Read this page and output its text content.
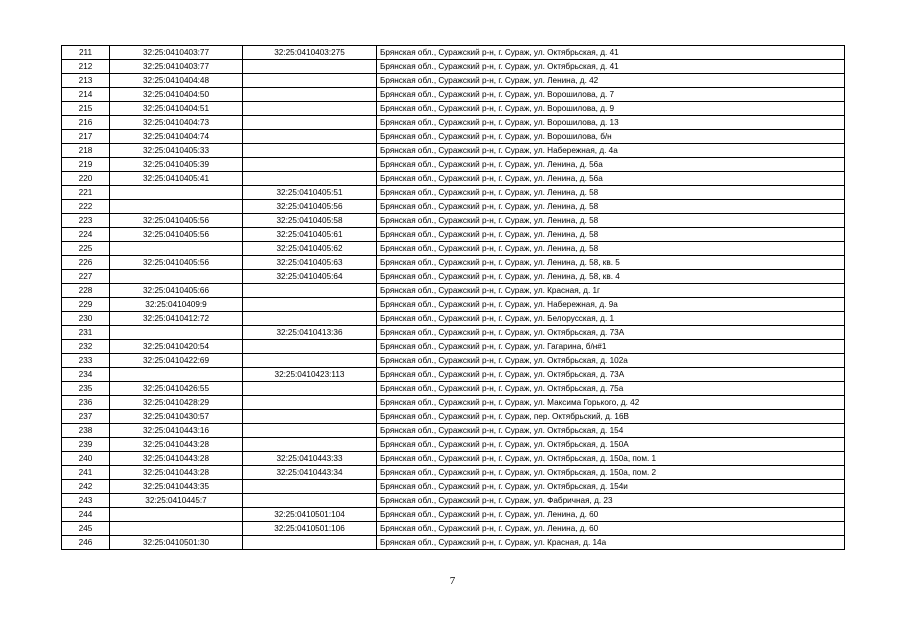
211	32:25:0410403:77	32:25:0410403:275	Брянская обл., Суражский р-н, г. Сураж, ул. Октябрьская, д. 41
212	32:25:0410403:77		Брянская обл., Суражский р-н, г. Сураж, ул. Октябрьская, д. 41
213	32:25:0410404:48		Брянская обл., Суражский р-н, г. Сураж, ул. Ленина, д. 42
214	32:25:0410404:50		Брянская обл., Суражский р-н, г. Сураж, ул. Ворошилова, д. 7
215	32:25:0410404:51		Брянская обл., Суражский р-н, г. Сураж, ул. Ворошилова, д. 9
216	32:25:0410404:73		Брянская обл., Суражский р-н, г. Сураж, ул. Ворошилова, д. 13
217	32:25:0410404:74		Брянская обл., Суражский р-н, г. Сураж, ул. Ворошилова, б/н
218	32:25:0410405:33		Брянская обл., Суражский р-н, г. Сураж, ул. Набережная, д. 4а
219	32:25:0410405:39		Брянская обл., Суражский р-н, г. Сураж, ул. Ленина, д. 56а
220	32:25:0410405:41		Брянская обл., Суражский р-н, г. Сураж, ул. Ленина, д. 56а
221		32:25:0410405:51	Брянская обл., Суражский р-н, г. Сураж, ул. Ленина, д. 58
222		32:25:0410405:56	Брянская обл., Суражский р-н, г. Сураж, ул. Ленина, д. 58
223	32:25:0410405:56	32:25:0410405:58	Брянская обл., Суражский р-н, г. Сураж, ул. Ленина, д. 58
224	32:25:0410405:56	32:25:0410405:61	Брянская обл., Суражский р-н, г. Сураж, ул. Ленина, д. 58
225		32:25:0410405:62	Брянская обл., Суражский р-н, г. Сураж, ул. Ленина, д. 58
226	32:25:0410405:56	32:25:0410405:63	Брянская обл., Суражский р-н, г. Сураж, ул. Ленина, д. 58, кв. 5
227		32:25:0410405:64	Брянская обл., Суражский р-н, г. Сураж, ул. Ленина, д. 58, кв. 4
228	32:25:0410405:66		Брянская обл., Суражский р-н, г. Сураж, ул. Красная, д. 1г
229	32:25:0410409:9		Брянская обл., Суражский р-н, г. Сураж, ул. Набережная, д. 9а
230	32:25:0410412:72		Брянская обл., Суражский р-н, г. Сураж, ул. Белорусская, д. 1
231		32:25:0410413:36	Брянская обл., Суражский р-н, г. Сураж, ул. Октябрьская, д. 73А
232	32:25:0410420:54		Брянская обл., Суражский р-н, г. Сураж, ул. Гагарина, б/н#1
233	32:25:0410422:69		Брянская обл., Суражский р-н, г. Сураж, ул. Октябрьская, д. 102а
234		32:25:0410423:113	Брянская обл., Суражский р-н, г. Сураж, ул. Октябрьская, д. 73А
235	32:25:0410426:55		Брянская обл., Суражский р-н, г. Сураж, ул. Октябрьская, д. 75а
236	32:25:0410428:29		Брянская обл., Суражский р-н, г. Сураж, ул. Максима Горького, д. 42
237	32:25:0410430:57		Брянская обл., Суражский р-н, г. Сураж, пер. Октябрьский, д. 16В
238	32:25:0410443:16		Брянская обл., Суражский р-н, г. Сураж, ул. Октябрьская, д. 154
239	32:25:0410443:28		Брянская обл., Суражский р-н, г. Сураж, ул. Октябрьская, д. 150А
240	32:25:0410443:28	32:25:0410443:33	Брянская обл., Суражский р-н, г. Сураж, ул. Октябрьская, д. 150а, пом. 1
241	32:25:0410443:28	32:25:0410443:34	Брянская обл., Суражский р-н, г. Сураж, ул. Октябрьская, д. 150а, пом. 2
242	32:25:0410443:35		Брянская обл., Суражский р-н, г. Сураж, ул. Октябрьская, д. 154и
243	32:25:0410445:7		Брянская обл., Суражский р-н, г. Сураж, ул. Фабричная, д. 23
244		32:25:0410501:104	Брянская обл., Суражский р-н, г. Сураж, ул. Ленина, д. 60
245		32:25:0410501:106	Брянская обл., Суражский р-н, г. Сураж, ул. Ленина, д. 60
246	32:25:0410501:30		Брянская обл., Суражский р-н, г. Сураж, ул. Красная, д. 14а
7
